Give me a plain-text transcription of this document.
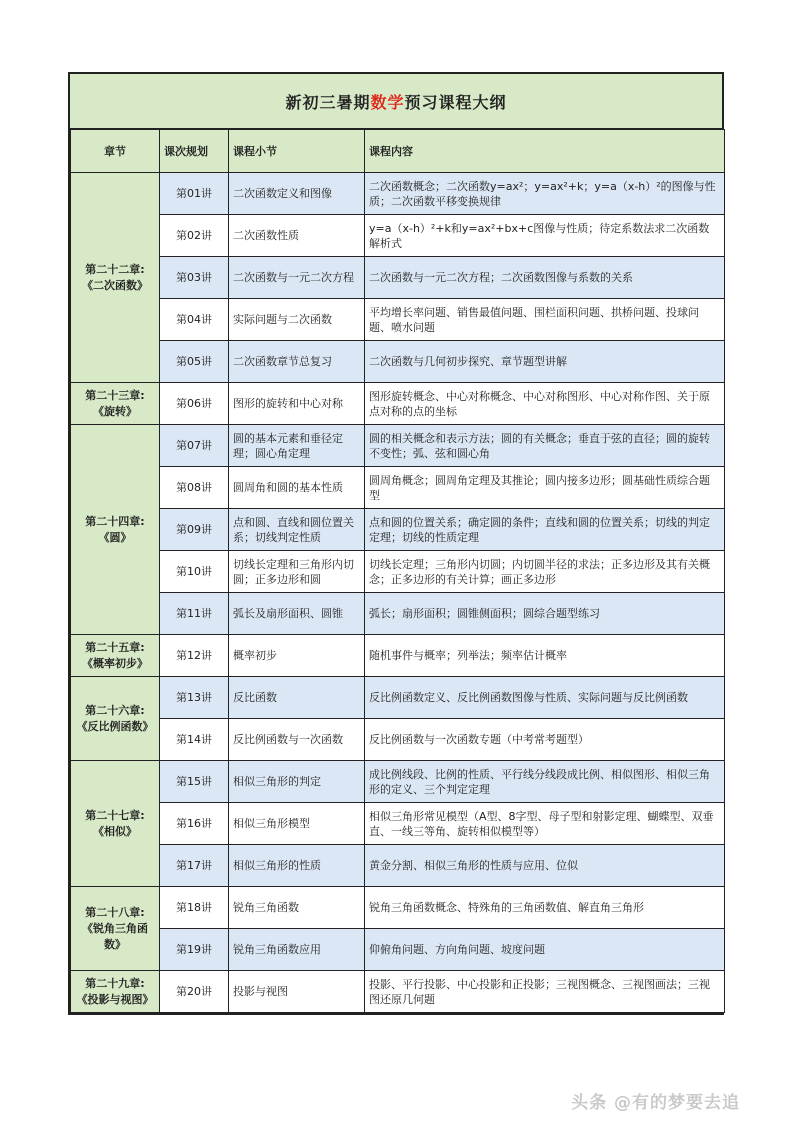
新初三暑期 数学 预习课程大纲
章节	课次规划	课程小节	课程内容
第二十二章:《二次函数》	第01讲	二次函数定义和图像	二次函数概念；二次函数y=ax²；y=ax²+k；y=a（x-h）²的图像与性质；二次函数平移变换规律
	第02讲	二次函数性质	y=a（x-h）²+k和y=ax²+bx+c图像与性质；待定系数法求二次函数解析式
	第03讲	二次函数与一元二次方程	二次函数与一元二次方程；二次函数图像与系数的关系
	第04讲	实际问题与二次函数	平均增长率问题、销售最值问题、围栏面积问题、拱桥问题、投球问题、喷水问题
	第05讲	二次函数章节总复习	二次函数与几何初步探究、章节题型讲解
第二十三章:《旋转》	第06讲	图形的旋转和中心对称	图形旋转概念、中心对称概念、中心对称图形、中心对称作图、关于原点对称的点的坐标
第二十四章:《圆》	第07讲	圆的基本元素和垂径定理；圆心角定理	圆的相关概念和表示方法；圆的有关概念；垂直于弦的直径；圆的旋转不变性；弧、弦和圆心角
	第08讲	圆周角和圆的基本性质	圆周角概念；圆周角定理及其推论；圆内接多边形；圆基础性质综合题型
	第09讲	点和圆、直线和圆位置关系；切线判定性质	点和圆的位置关系；确定圆的条件；直线和圆的位置关系；切线的判定定理；切线的性质定理
	第10讲	切线长定理和三角形内切圆；正多边形和圆	切线长定理；三角形内切圆；内切圆半径的求法；正多边形及其有关概念；正多边形的有关计算；画正多边形
	第11讲	弧长及扇形面积、圆锥	弧长；扇形面积；圆锥侧面积；圆综合题型练习
第二十五章:《概率初步》	第12讲	概率初步	随机事件与概率；列举法；频率估计概率
第二十六章:《反比例函数》	第13讲	反比函数	反比例函数定义、反比例函数图像与性质、实际问题与反比例函数
	第14讲	反比例函数与一次函数	反比例函数与一次函数专题（中考常考题型）
第二十七章:《相似》	第15讲	相似三角形的判定	成比例线段、比例的性质、平行线分线段成比例、相似图形、相似三角形的定义、三个判定定理
	第16讲	相似三角形模型	相似三角形常见模型（A型、8字型、母子型和射影定理、蝴蝶型、双垂直、一线三等角、旋转相似模型等）
	第17讲	相似三角形的性质	黄金分割、相似三角形的性质与应用、位似
第二十八章:《锐角三角函数》	第18讲	锐角三角函数	锐角三角函数概念、特殊角的三角函数值、解直角三角形
	第19讲	锐角三角函数应用	仰俯角问题、方向角问题、坡度问题
第二十九章:《投影与视图》	第20讲	投影与视图	投影、平行投影、中心投影和正投影；三视图概念、三视图画法；三视图还原几何题
头条 @有的梦要去追
